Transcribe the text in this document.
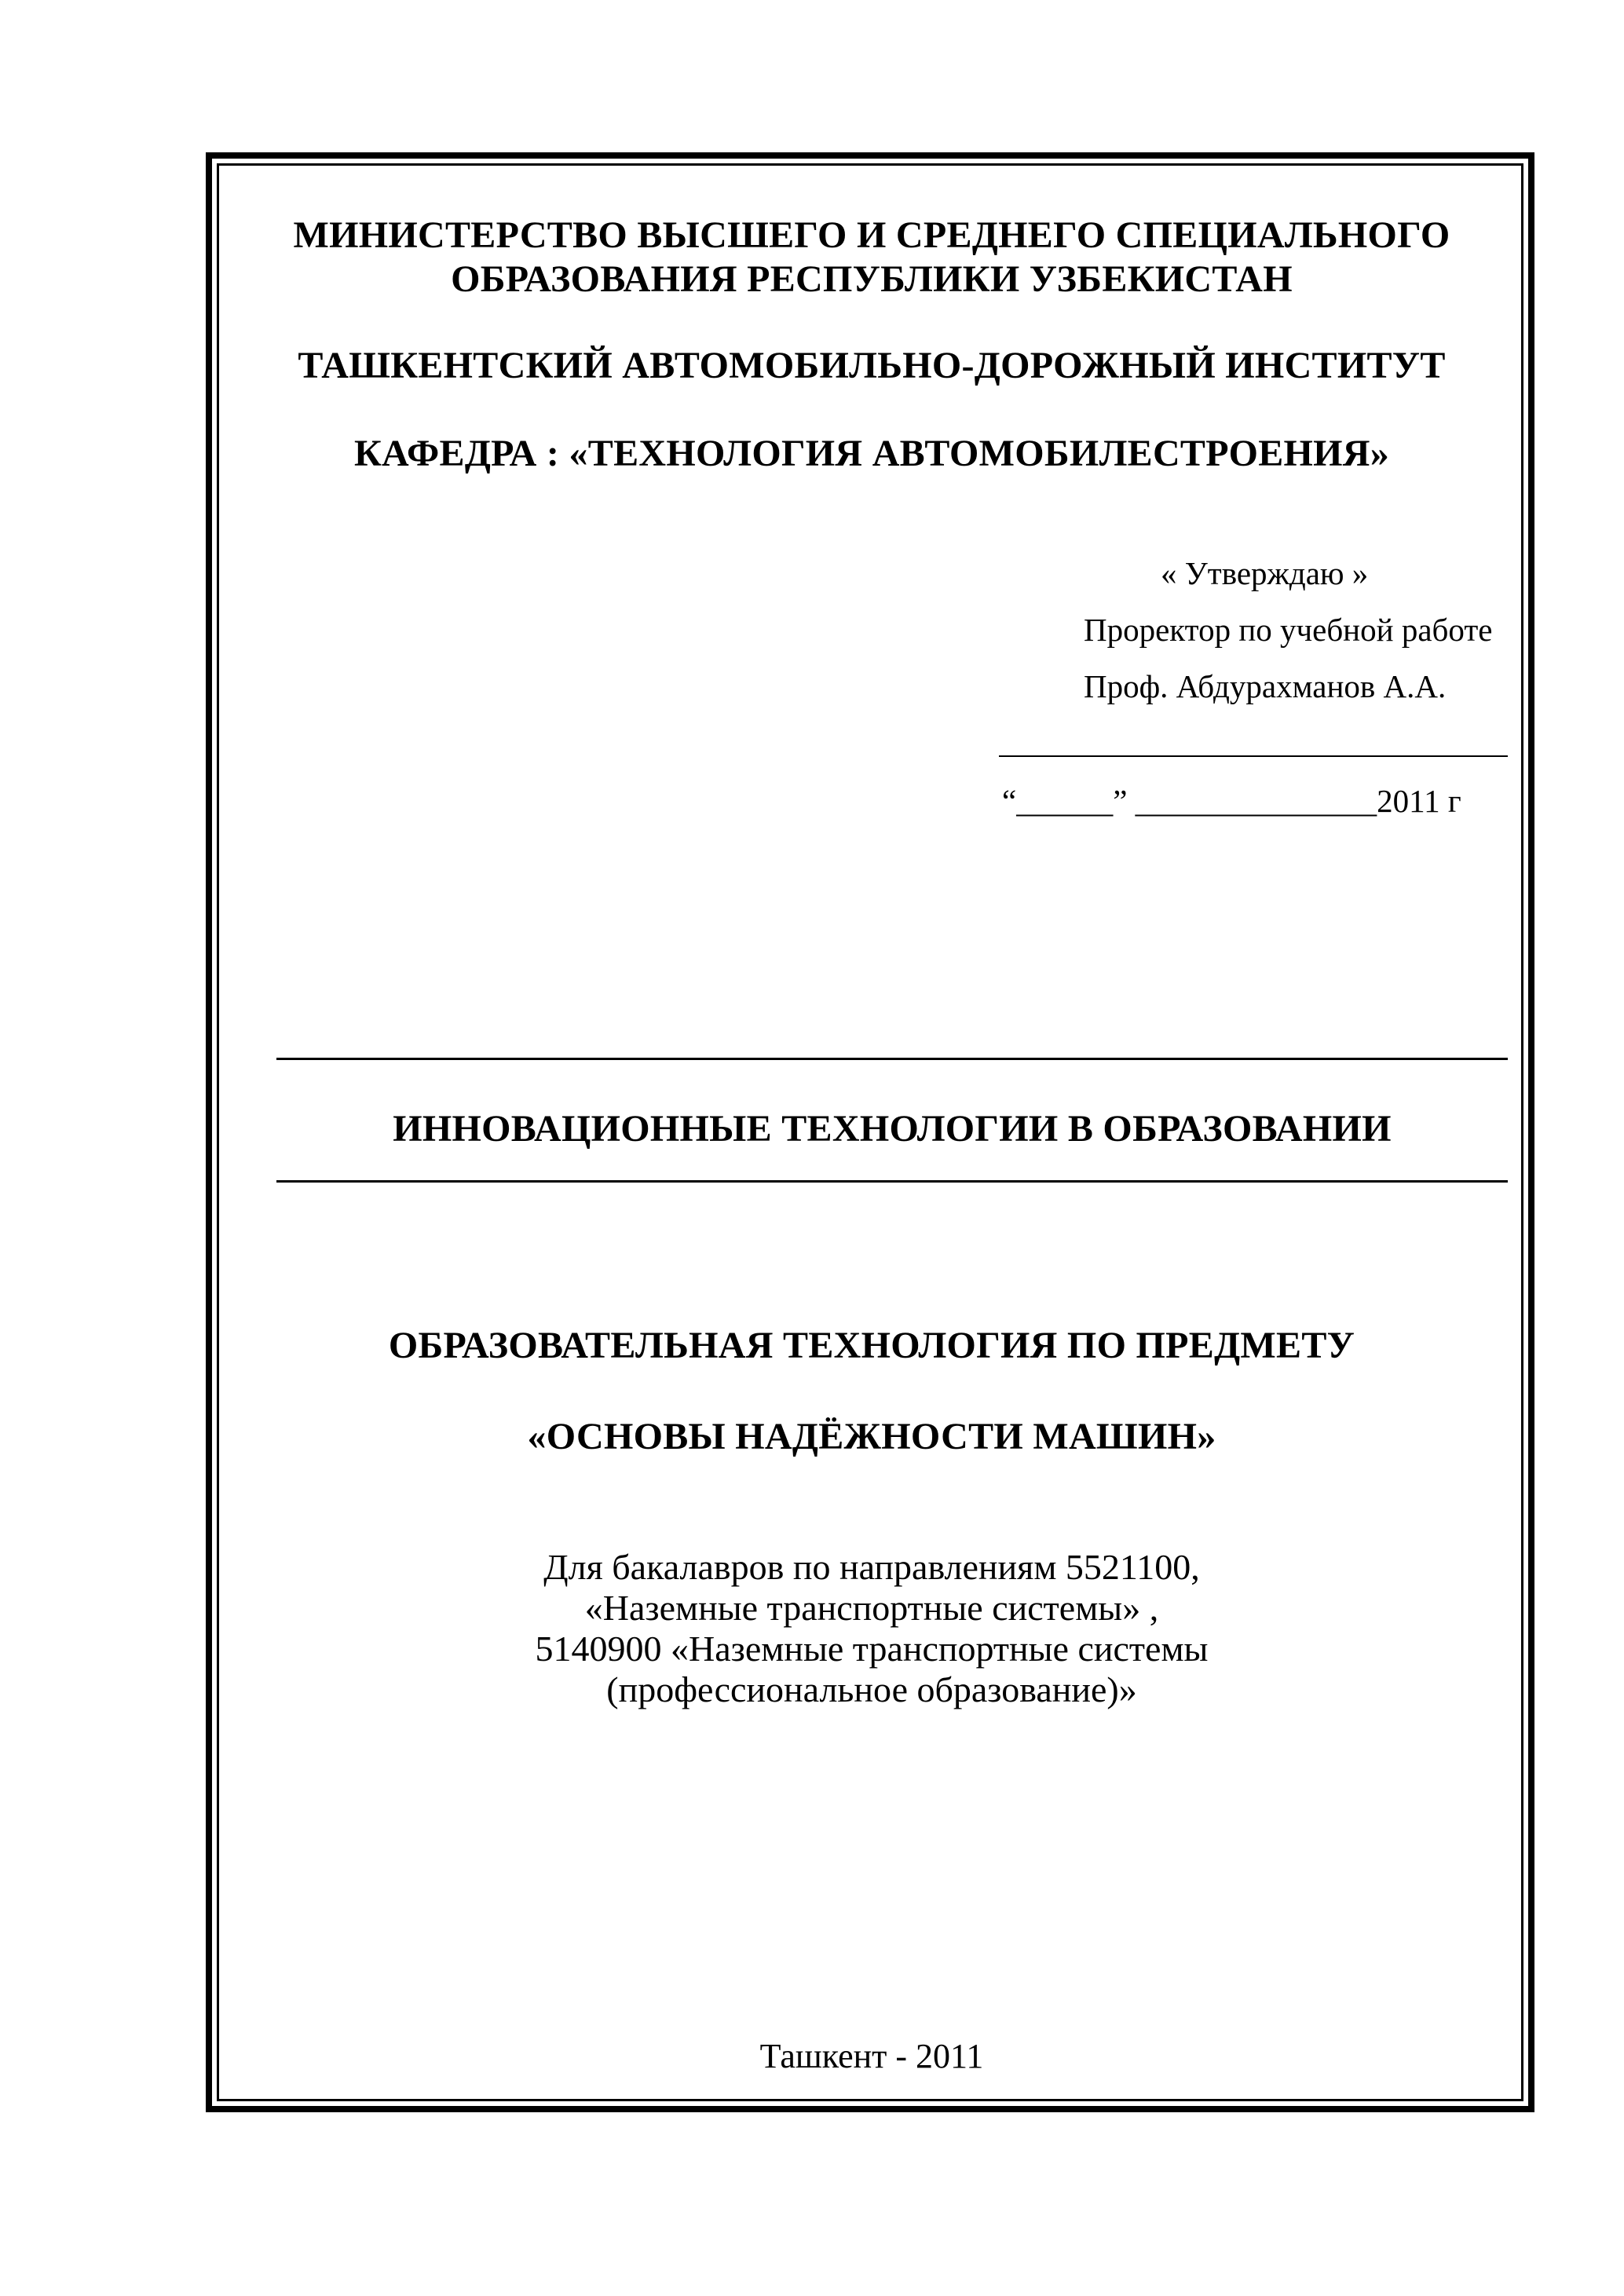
МИНИСТЕРСТВО ВЫСШЕГО И СРЕДНЕГО СПЕЦИАЛЬНОГО
ОБРАЗОВАНИЯ РЕСПУБЛИКИ УЗБЕКИСТАН
ТАШКЕНТСКИЙ АВТОМОБИЛЬНО-ДОРОЖНЫЙ ИНСТИТУТ
КАФЕДРА : «ТЕХНОЛОГИЯ АВТОМОБИЛЕСТРОЕНИЯ»
« Утверждаю »
Проректор по учебной работе
Проф. Абдурахманов А.А.
“______” _______________2011 г
ИННОВАЦИОННЫЕ ТЕХНОЛОГИИ В ОБРАЗОВАНИИ
ОБРАЗОВАТЕЛЬНАЯ ТЕХНОЛОГИЯ ПО ПРЕДМЕТУ
«ОСНОВЫ НАДЁЖНОСТИ МАШИН»
Для бакалавров по направлениям 5521100,
«Наземные транспортные системы» ,
5140900 «Наземные транспортные системы
(профессиональное образование)»
Ташкент - 2011
